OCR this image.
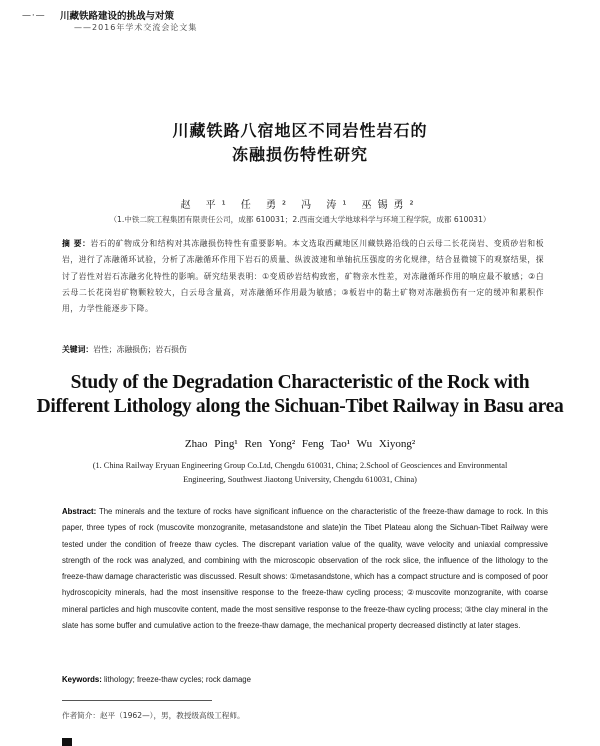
— · — 川藏铁路建设的挑战与对策
——2016年学术交流会论文集
川藏铁路八宿地区不同岩性岩石的
冻融损伤特性研究
赵 平¹ 任 勇² 冯 涛¹ 巫锡勇²
（1.中铁二院工程集团有限责任公司，成都 610031；2.西南交通大学地球科学与环境工程学院，成都 610031）
摘 要：岩石的矿物成分和结构对其冻融损伤特性有重要影响。本文选取西藏地区川藏铁路沿线的白云母二长花岗岩、变质砂岩和板岩，进行了冻融循环试验，分析了冻融循环作用下岩石的质量、纵波波速和单轴抗压强度的劣化规律，结合显微镜下的观察结果，探讨了岩性对岩石冻融劣化特性的影响。研究结果表明：①变质砂岩结构致密，矿物亲水性差，对冻融循环作用的响应最不敏感；②白云母二长花岗岩矿物颗粒较大，白云母含量高，对冻融循环作用最为敏感；③板岩中的黏土矿物对冻融损伤有一定的缓冲和累积作用，力学性能逐步下降。
关键词：岩性；冻融损伤；岩石损伤
Study of the Degradation Characteristic of the Rock with
Different Lithology along the Sichuan-Tibet Railway in Basu area
Zhao Ping¹ Ren Yong² Feng Tao¹ Wu Xiyong²
(1. China Railway Eryuan Engineering Group Co.Ltd, Chengdu 610031, China; 2.School of Geosciences and Environmental
Engineering, Southwest Jiaotong University, Chengdu 610031, China)
Abstract: The minerals and the texture of rocks have significant influence on the characteristic of the freeze-thaw damage to rock. In this paper, three types of rock (muscovite monzogranite, metasandstone and slate)in the Tibet Plateau along the Sichuan-Tibet Railway were tested under the condition of freeze thaw cycles. The discrepant variation value of the quality, wave velocity and uniaxial compressive strength of the rock was analyzed, and combining with the microscopic observation of the rock slice, the influence of the lithology to the freeze-thaw damage characteristic was discussed. Result shows: ①metasandstone, which has a compact structure and is composed of poor hydroscopicity minerals, had the most insensitive response to the freeze-thaw cycling process; ②muscovite monzogranite, with coarse mineral particles and high muscovite content, made the most sensitive response to the freeze-thaw cycling process; ③the clay mineral in the slate has some buffer and cumulative action to the freeze-thaw damage, the mechanical property decreased distinctly at later stages.
Keywords: lithology; freeze-thaw cycles; rock damage
作者简介：赵平（1962—），男，教授级高级工程师。
